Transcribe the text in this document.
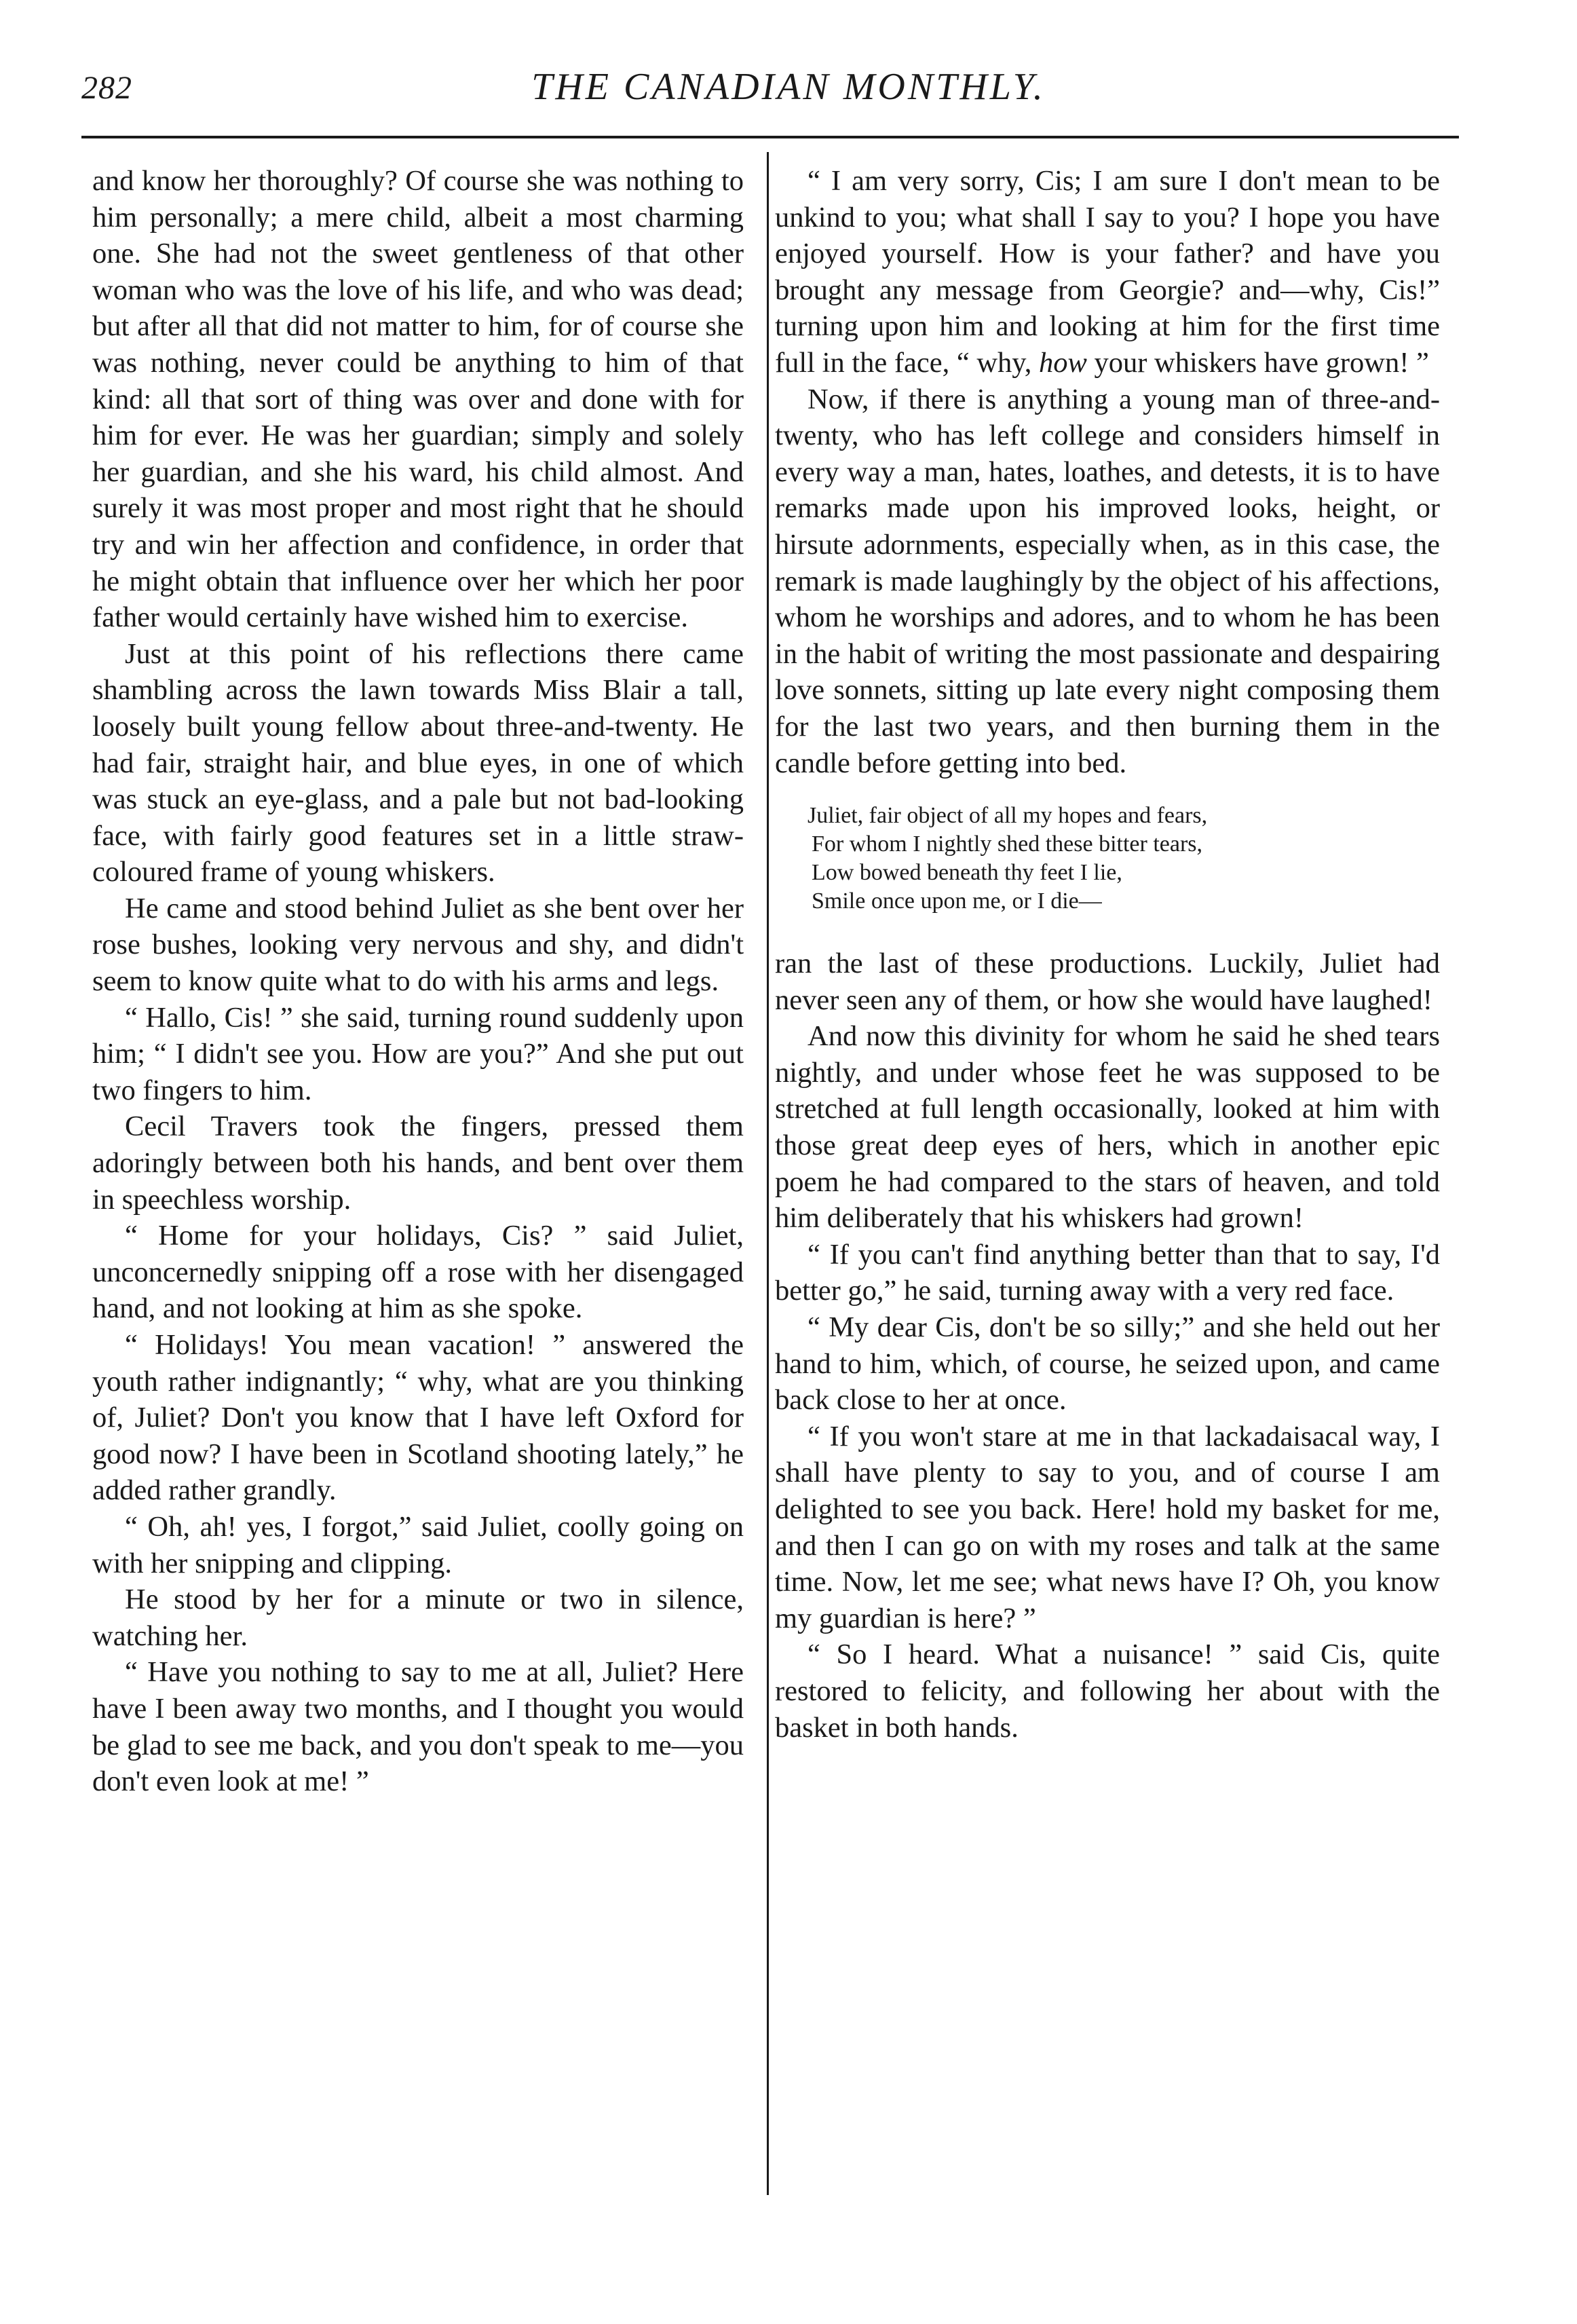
282	THE CANADIAN MONTHLY.

and know her thoroughly? Of course she was nothing to him personally; a mere child, albeit a most charming one. She had not the sweet gentleness of that other woman who was the love of his life, and who was dead; but after all that did not matter to him, for of course she was nothing, never could be anything to him of that kind: all that sort of thing was over and done with for him for ever. He was her guardian; simply and solely her guardian, and she his ward, his child almost. And surely it was most proper and most right that he should try and win her affection and confidence, in order that he might obtain that influence over her which her poor father would certainly have wished him to exercise.

Just at this point of his reflections there came shambling across the lawn towards Miss Blair a tall, loosely built young fellow about three-and-twenty. He had fair, straight hair, and blue eyes, in one of which was stuck an eye-glass, and a pale but not bad-looking face, with fairly good features set in a little straw-coloured frame of young whiskers.

He came and stood behind Juliet as she bent over her rose bushes, looking very nervous and shy, and didn't seem to know quite what to do with his arms and legs.

“ Hallo, Cis! ” she said, turning round suddenly upon him; “ I didn't see you. How are you?” And she put out two fingers to him.

Cecil Travers took the fingers, pressed them adoringly between both his hands, and bent over them in speechless worship.

“ Home for your holidays, Cis? ” said Juliet, unconcernedly snipping off a rose with her disengaged hand, and not looking at him as she spoke.

“ Holidays! You mean vacation! ” answered the youth rather indignantly; “ why, what are you thinking of, Juliet? Don't you know that I have left Oxford for good now? I have been in Scotland shooting lately,” he added rather grandly.

“ Oh, ah! yes, I forgot,” said Juliet, coolly going on with her snipping and clipping.

He stood by her for a minute or two in silence, watching her.

“ Have you nothing to say to me at all, Juliet? Here have I been away two months, and I thought you would be glad to see me back, and you don't speak to me—you don't even look at me! ”

“ I am very sorry, Cis; I am sure I don't mean to be unkind to you; what shall I say to you? I hope you have enjoyed yourself. How is your father? and have you brought any message from Georgie? and—why, Cis!” turning upon him and looking at him for the first time full in the face, “ why, how your whiskers have grown! ”

Now, if there is anything a young man of three-and-twenty, who has left college and considers himself in every way a man, hates, loathes, and detests, it is to have remarks made upon his improved looks, height, or hirsute adornments, especially when, as in this case, the remark is made laughingly by the object of his affections, whom he worships and adores, and to whom he has been in the habit of writing the most passionate and despairing love sonnets, sitting up late every night composing them for the last two years, and then burning them in the candle before getting into bed.

Juliet, fair object of all my hopes and fears,
For whom I nightly shed these bitter tears,
Low bowed beneath thy feet I lie,
Smile once upon me, or I die—

ran the last of these productions. Luckily, Juliet had never seen any of them, or how she would have laughed!

And now this divinity for whom he said he shed tears nightly, and under whose feet he was supposed to be stretched at full length occasionally, looked at him with those great deep eyes of hers, which in another epic poem he had compared to the stars of heaven, and told him deliberately that his whiskers had grown!

“ If you can't find anything better than that to say, I'd better go,” he said, turning away with a very red face.

“ My dear Cis, don't be so silly;” and she held out her hand to him, which, of course, he seized upon, and came back close to her at once.

“ If you won't stare at me in that lackadaisacal way, I shall have plenty to say to you, and of course I am delighted to see you back. Here! hold my basket for me, and then I can go on with my roses and talk at the same time. Now, let me see; what news have I? Oh, you know my guardian is here? ”

“ So I heard. What a nuisance! ” said Cis, quite restored to felicity, and following her about with the basket in both hands.
